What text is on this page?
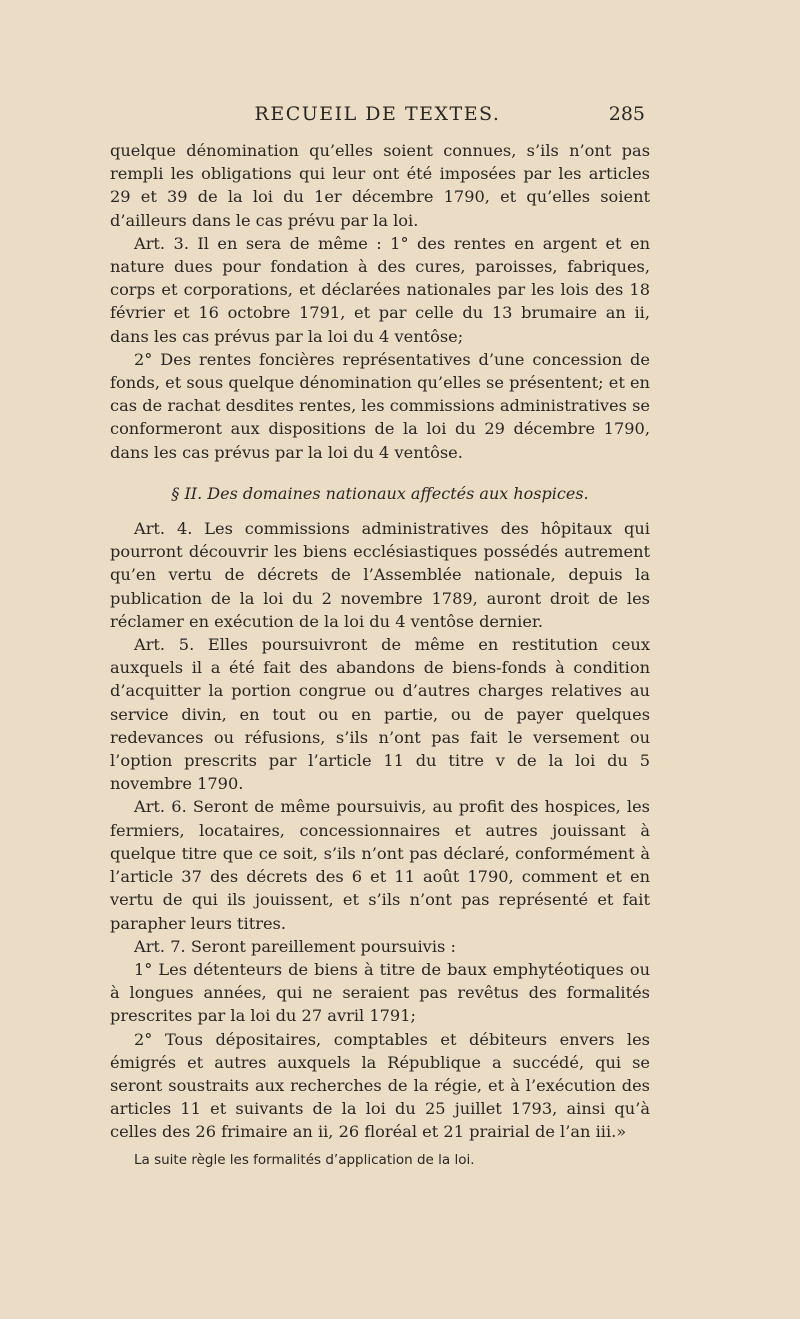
RECUEIL DE TEXTES.	285

quelque dénomination qu’elles soient connues, s’ils n’ont pas rempli les obligations qui leur ont été imposées par les articles 29 et 39 de la loi du 1er décembre 1790, et qu’elles soient d’ailleurs dans le cas prévu par la loi.

Art. 3. Il en sera de même : 1° des rentes en argent et en nature dues pour fondation à des cures, paroisses, fabriques, corps et corporations, et déclarées nationales par les lois des 18 février et 16 octobre 1791, et par celle du 13 brumaire an ii, dans les cas prévus par la loi du 4 ventôse;

2° Des rentes foncières représentatives d’une concession de fonds, et sous quelque dénomination qu’elles se présentent; et en cas de rachat desdites rentes, les commissions administratives se conformeront aux dispositions de la loi du 29 décembre 1790, dans les cas prévus par la loi du 4 ventôse.

§ II. Des domaines nationaux affectés aux hospices.

Art. 4. Les commissions administratives des hôpitaux qui pourront découvrir les biens ecclésiastiques possédés autrement qu’en vertu de décrets de l’Assemblée nationale, depuis la publication de la loi du 2 novembre 1789, auront droit de les réclamer en exécution de la loi du 4 ventôse dernier.

Art. 5. Elles poursuivront de même en restitution ceux auxquels il a été fait des abandons de biens-fonds à condition d’acquitter la portion congrue ou d’autres charges relatives au service divin, en tout ou en partie, ou de payer quelques redevances ou réfusions, s’ils n’ont pas fait le versement ou l’option prescrits par l’article 11 du titre v de la loi du 5 novembre 1790.

Art. 6. Seront de même poursuivis, au profit des hospices, les fermiers, locataires, concessionnaires et autres jouissant à quelque titre que ce soit, s’ils n’ont pas déclaré, conformément à l’article 37 des décrets des 6 et 11 août 1790, comment et en vertu de qui ils jouissent, et s’ils n’ont pas représenté et fait parapher leurs titres.

Art. 7. Seront pareillement poursuivis :

1° Les détenteurs de biens à titre de baux emphytéotiques ou à longues années, qui ne seraient pas revêtus des formalités prescrites par la loi du 27 avril 1791;

2° Tous dépositaires, comptables et débiteurs envers les émigrés et autres auxquels la République a succédé, qui se seront soustraits aux recherches de la régie, et à l’exécution des articles 11 et suivants de la loi du 25 juillet 1793, ainsi qu’à celles des 26 frimaire an ii, 26 floréal et 21 prairial de l’an iii.»

La suite règle les formalités d’application de la loi.
